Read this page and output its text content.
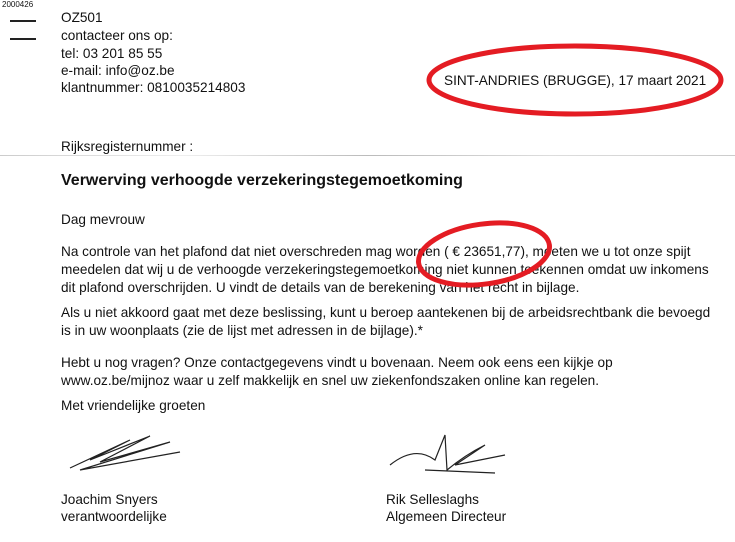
2000426
OZ501
contacteer ons op:
tel: 03 201 85 55
e-mail: info@oz.be
klantnummer: 0810035214803	SINT-ANDRIES (BRUGGE), 17 maart 2021
Rijksregisternummer :
Verwerving verhoogde verzekeringstegemoetkoming
Dag mevrouw
Na controle van het plafond dat niet overschreden mag worden ( € 23651,77), moeten we u tot onze spijt
meedelen dat wij u de verhoogde verzekeringstegemoetkoming niet kunnen toekennen omdat uw inkomens
dit plafond overschrijden. U vindt de details van de berekening van het recht in bijlage.
Als u niet akkoord gaat met deze beslissing, kunt u beroep aantekenen bij de arbeidsrechtbank die bevoegd
is in uw woonplaats (zie de lijst met adressen in de bijlage).*
Hebt u nog vragen? Onze contactgegevens vindt u bovenaan. Neem ook eens een kijkje op
www.oz.be/mijnoz waar u zelf makkelijk en snel uw ziekenfondszaken online kan regelen.
Met vriendelijke groeten
Joachim Snyers
verantwoordelijke
Rik Selleslaghs
Algemeen Directeur
